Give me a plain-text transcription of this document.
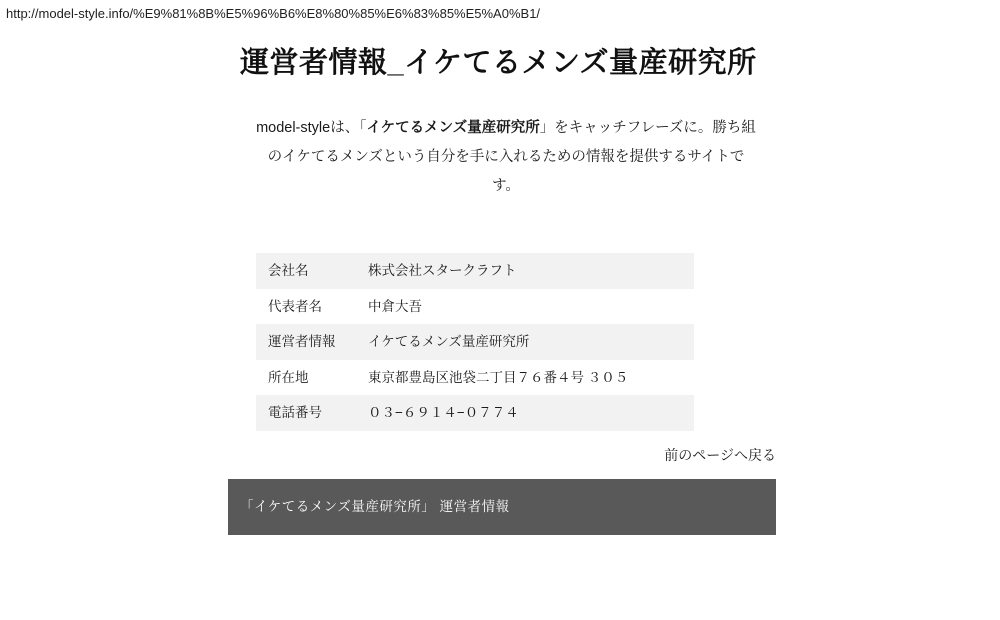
http://model-style.info/%E9%81%8B%E5%96%B6%E8%80%85%E6%83%85%E5%A0%B1/
運営者情報_イケてるメンズ量産研究所

model-styleは、「イケてるメンズ量産研究所」をキャッチフレーズに。勝ち組のイケてるメンズという自分を手に入れるための情報を提供するサイトです。

会社名	株式会社スタークラフト
代表者名	中倉大吾
運営者情報	イケてるメンズ量産研究所
所在地	東京都豊島区池袋二丁目７６番４号 ３０５
電話番号	０３−６９１４−０７７４
前のページへ戻る
「イケてるメンズ量産研究所」 運営者情報
